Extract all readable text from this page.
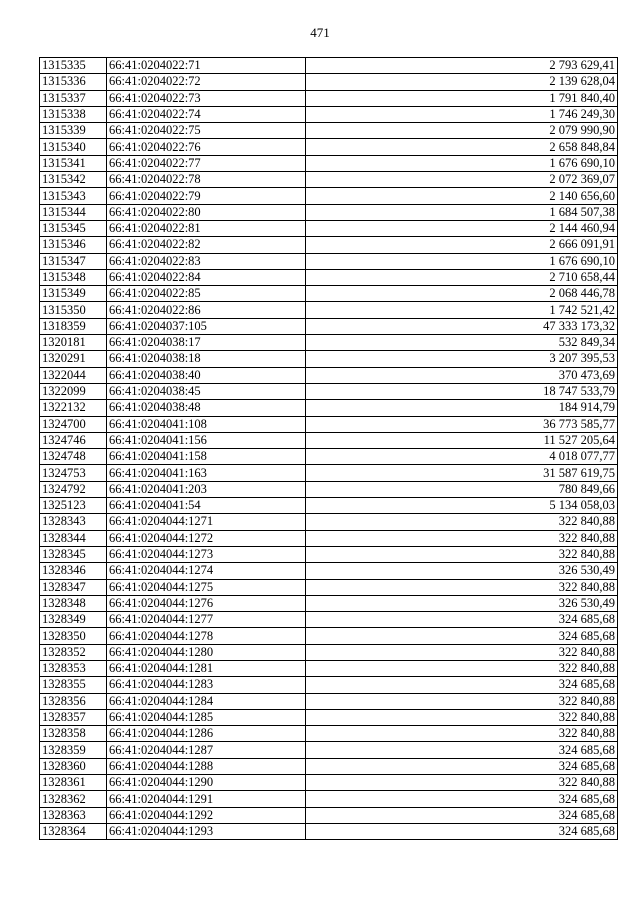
471
1315335	66:41:0204022:71	2 793 629,41
1315336	66:41:0204022:72	2 139 628,04
1315337	66:41:0204022:73	1 791 840,40
1315338	66:41:0204022:74	1 746 249,30
1315339	66:41:0204022:75	2 079 990,90
1315340	66:41:0204022:76	2 658 848,84
1315341	66:41:0204022:77	1 676 690,10
1315342	66:41:0204022:78	2 072 369,07
1315343	66:41:0204022:79	2 140 656,60
1315344	66:41:0204022:80	1 684 507,38
1315345	66:41:0204022:81	2 144 460,94
1315346	66:41:0204022:82	2 666 091,91
1315347	66:41:0204022:83	1 676 690,10
1315348	66:41:0204022:84	2 710 658,44
1315349	66:41:0204022:85	2 068 446,78
1315350	66:41:0204022:86	1 742 521,42
1318359	66:41:0204037:105	47 333 173,32
1320181	66:41:0204038:17	532 849,34
1320291	66:41:0204038:18	3 207 395,53
1322044	66:41:0204038:40	370 473,69
1322099	66:41:0204038:45	18 747 533,79
1322132	66:41:0204038:48	184 914,79
1324700	66:41:0204041:108	36 773 585,77
1324746	66:41:0204041:156	11 527 205,64
1324748	66:41:0204041:158	4 018 077,77
1324753	66:41:0204041:163	31 587 619,75
1324792	66:41:0204041:203	780 849,66
1325123	66:41:0204041:54	5 134 058,03
1328343	66:41:0204044:1271	322 840,88
1328344	66:41:0204044:1272	322 840,88
1328345	66:41:0204044:1273	322 840,88
1328346	66:41:0204044:1274	326 530,49
1328347	66:41:0204044:1275	322 840,88
1328348	66:41:0204044:1276	326 530,49
1328349	66:41:0204044:1277	324 685,68
1328350	66:41:0204044:1278	324 685,68
1328352	66:41:0204044:1280	322 840,88
1328353	66:41:0204044:1281	322 840,88
1328355	66:41:0204044:1283	324 685,68
1328356	66:41:0204044:1284	322 840,88
1328357	66:41:0204044:1285	322 840,88
1328358	66:41:0204044:1286	322 840,88
1328359	66:41:0204044:1287	324 685,68
1328360	66:41:0204044:1288	324 685,68
1328361	66:41:0204044:1290	322 840,88
1328362	66:41:0204044:1291	324 685,68
1328363	66:41:0204044:1292	324 685,68
1328364	66:41:0204044:1293	324 685,68
